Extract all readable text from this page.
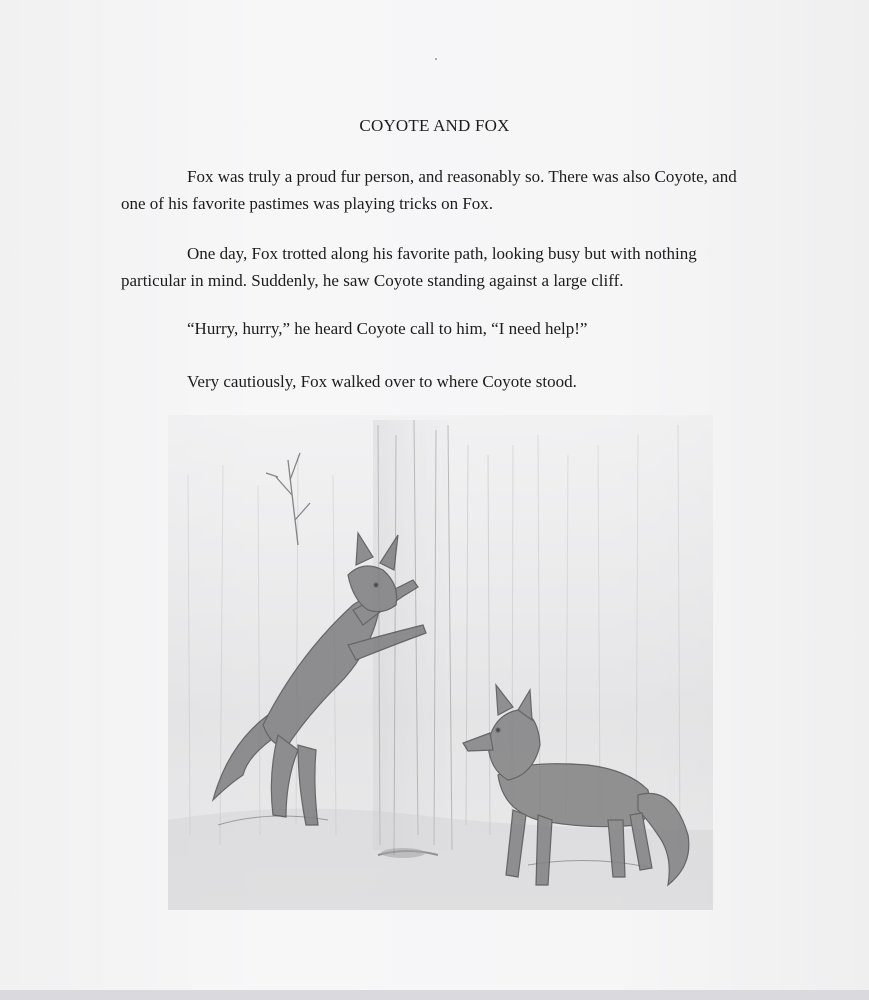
COYOTE AND FOX

Fox was truly a proud fur person, and reasonably so. There was also Coyote, and one of his favorite pastimes was playing tricks on Fox.

One day, Fox trotted along his favorite path, looking busy but with nothing particular in mind. Suddenly, he saw Coyote standing against a large cliff.

“Hurry, hurry,” he heard Coyote call to him, “I need help!”

Very cautiously, Fox walked over to where Coyote stood.
